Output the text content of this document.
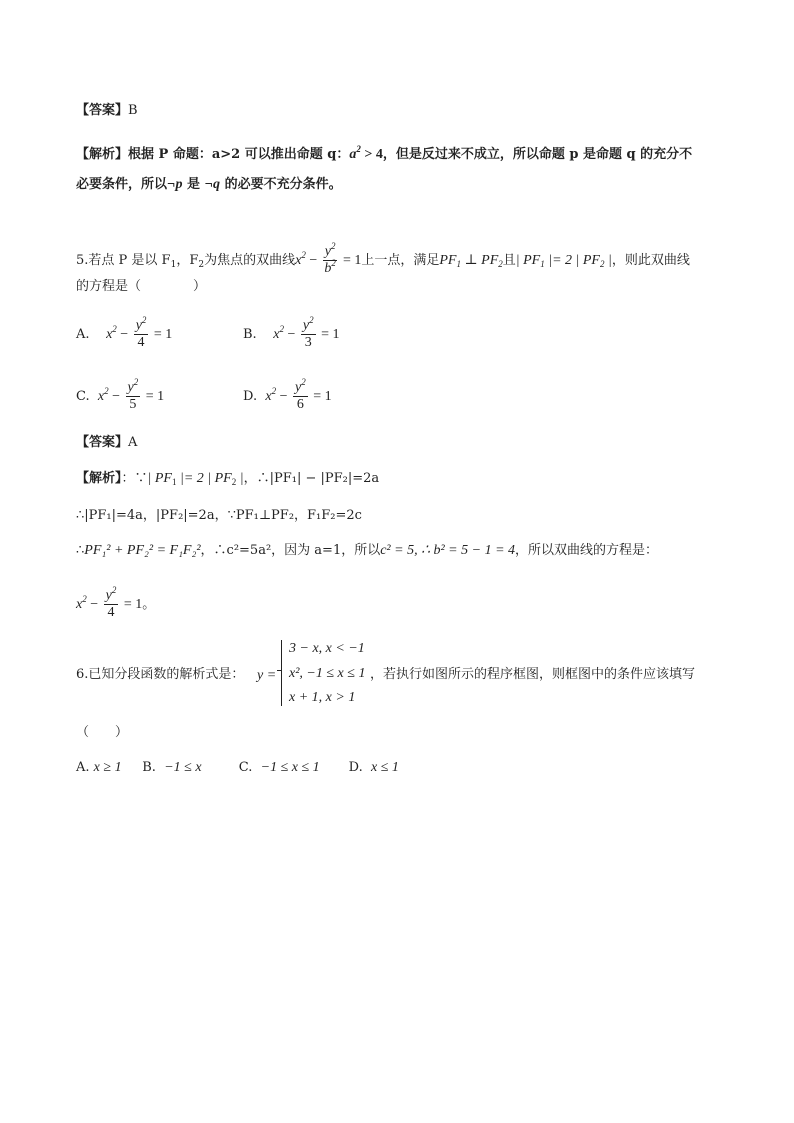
【答案】B
【解析】根据 P 命题：a>2 可以推出命题 q：$a^2 > 4$，但是反过来不成立，所以命题 p 是命题 q 的充分不
必要条件，所以¬p 是 ¬q 的必要不充分条件。
5.若点 P 是以 $F_1$，$F_2$为焦点的双曲线$x^2 - \frac{y^2}{b^2} = 1$上一点，满足$PF_1$ ⊥ $PF_2$且| $PF_1$ |= 2 | $PF_2$ |，则此双曲线
的方程是（　　　　）
A. $x^2 - \frac{y^2}{4} = 1$	B. $x^2 - \frac{y^2}{3} = 1$
C. $x^2 - \frac{y^2}{5} = 1$	D. $x^2 - \frac{y^2}{6} = 1$
【答案】A
【解析】：∵| $PF_1$ |= 2 | $PF_2$ |，∴|PF₁| − |PF₂|=2a
∴|PF₁|=4a，|PF₂|=2a，∵PF₁⊥PF₂，F₁F₂=2c
∴PF₁² + PF₂² = F₁F₂²，∴c²=5a²，因为 a=1，所以c² = 5, ∴ b² = 5 − 1 = 4，所以双曲线的方程是：
$x^2 - \frac{y^2}{4} = 1$。
6.已知分段函数的解析式是： y =
3 − x, x < −1
x², −1 ≤ x ≤ 1
x + 1, x > 1
，若执行如图所示的程序框图，则框图中的条件应该填写
（　　）
A. x ≥ 1 B. −1 ≤ x	C. −1 ≤ x ≤ 1 D. x ≤ 1
